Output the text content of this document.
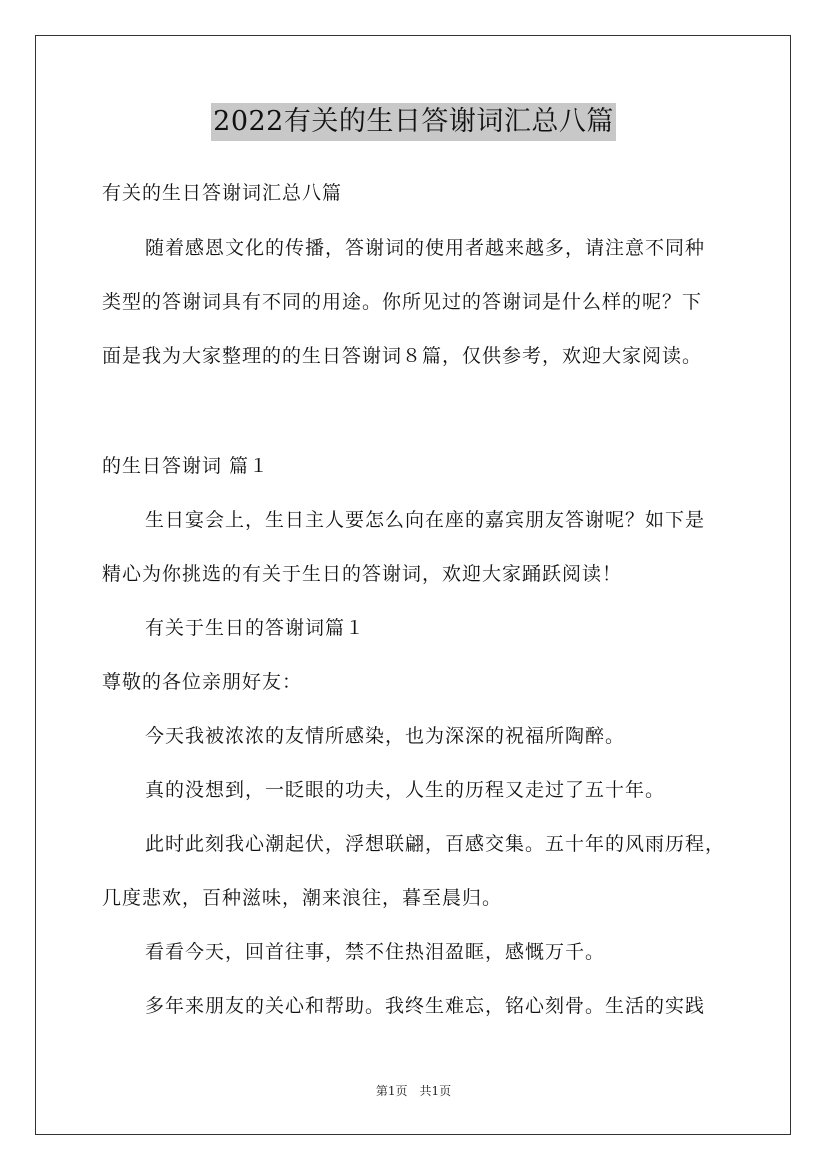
2022有关的生日答谢词汇总八篇
有关的生日答谢词汇总八篇
随着感恩文化的传播，答谢词的使用者越来越多，请注意不同种
类型的答谢词具有不同的用途。你所见过的答谢词是什么样的呢？下
面是我为大家整理的的生日答谢词８篇，仅供参考，欢迎大家阅读。
的生日答谢词 篇１
生日宴会上，生日主人要怎么向在座的嘉宾朋友答谢呢？如下是
精心为你挑选的有关于生日的答谢词，欢迎大家踊跃阅读！
有关于生日的答谢词篇１
尊敬的各位亲朋好友：
今天我被浓浓的友情所感染，也为深深的祝福所陶醉。
真的没想到，一眨眼的功夫，人生的历程又走过了五十年。
此时此刻我心潮起伏，浮想联翩，百感交集。五十年的风雨历程，
几度悲欢，百种滋味，潮来浪往，暮至晨归。
看看今天，回首往事，禁不住热泪盈眶，感慨万千。
多年来朋友的关心和帮助。我终生难忘，铭心刻骨。生活的实践
第1页　共1页
